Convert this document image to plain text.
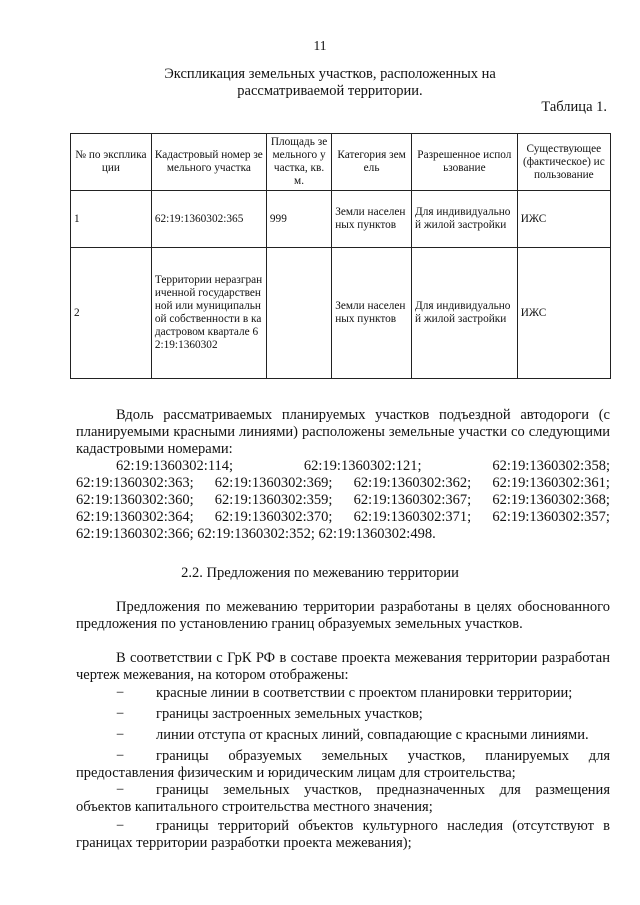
11
Экспликация земельных участков, расположенных на рассматриваемой территории.
Таблица 1.
№ по экспликации	Кадастровый номер земельного участка	Площадь земельного участка, кв.м.	Категория земель	Разрешенное использование	Существующее (фактическое) использование
1	62:19:1360302:365	999	Земли населенных пунктов	Для индивидуальной жилой застройки	ИЖС
2	Территории неразграниченной государственной или муниципальной собственности в кадастровом квартале 62:19:1360302		Земли населенных пунктов	Для индивидуальной жилой застройки	ИЖС
Вдоль рассматриваемых планируемых участков подъездной автодороги (с планируемыми красными линиями) расположены земельные участки со следующими кадастровыми номерами:
62:19:1360302:114;	62:19:1360302:121;	62:19:1360302:358;
62:19:1360302:363; 62:19:1360302:369; 62:19:1360302:362; 62:19:1360302:361;
62:19:1360302:360; 62:19:1360302:359; 62:19:1360302:367; 62:19:1360302:368;
62:19:1360302:364; 62:19:1360302:370; 62:19:1360302:371; 62:19:1360302:357;
62:19:1360302:366; 62:19:1360302:352; 62:19:1360302:498.
2.2. Предложения по межеванию территории
Предложения по межеванию территории разработаны в целях обоснованного предложения по установлению границ образуемых земельных участков.
В соответствии с ГрК РФ в составе проекта межевания территории разработан чертеж межевания, на котором отображены:
− красные линии в соответствии с проектом планировки территории;
− границы застроенных земельных участков;
− линии отступа от красных линий, совпадающие с красными линиями.
− границы образуемых земельных участков, планируемых для предоставления физическим и юридическим лицам для строительства;
− границы земельных участков, предназначенных для размещения объектов капитального строительства местного значения;
− границы территорий объектов культурного наследия (отсутствуют в границах территории разработки проекта межевания);
